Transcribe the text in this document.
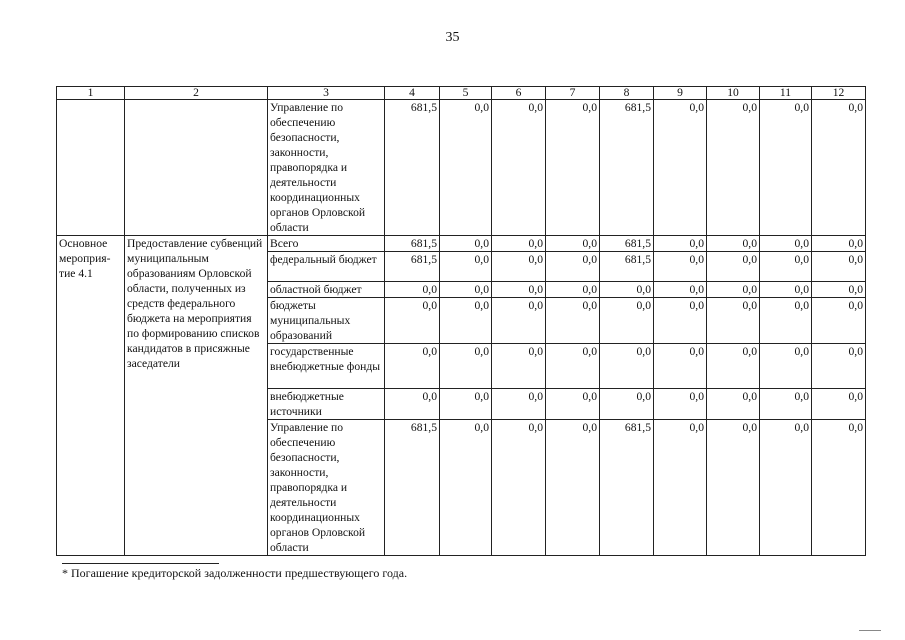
35
1	2	3	4	5	6	7	8	9	10	11	12
		Управление по обеспечению безопасности, законности, правопорядка и деятельности координационных органов Орловской области	681,5	0,0	0,0	0,0	681,5	0,0	0,0	0,0	0,0
Основное мероприя-тие 4.1	Предоставление субвенций муниципальным образованиям Орловской области, полученных из средств федерального бюджета на мероприятия по формированию списков кандидатов в присяжные заседатели	Всего	681,5	0,0	0,0	0,0	681,5	0,0	0,0	0,0	0,0
		федеральный бюджет	681,5	0,0	0,0	0,0	681,5	0,0	0,0	0,0	0,0
		областной бюджет	0,0	0,0	0,0	0,0	0,0	0,0	0,0	0,0	0,0
		бюджеты муниципальных образований	0,0	0,0	0,0	0,0	0,0	0,0	0,0	0,0	0,0
		государственные внебюджетные фонды	0,0	0,0	0,0	0,0	0,0	0,0	0,0	0,0	0,0
		внебюджетные источники	0,0	0,0	0,0	0,0	0,0	0,0	0,0	0,0	0,0
		Управление по обеспечению безопасности, законности, правопорядка и деятельности координационных органов Орловской области	681,5	0,0	0,0	0,0	681,5	0,0	0,0	0,0	0,0
* Погашение кредиторской задолженности предшествующего года.
